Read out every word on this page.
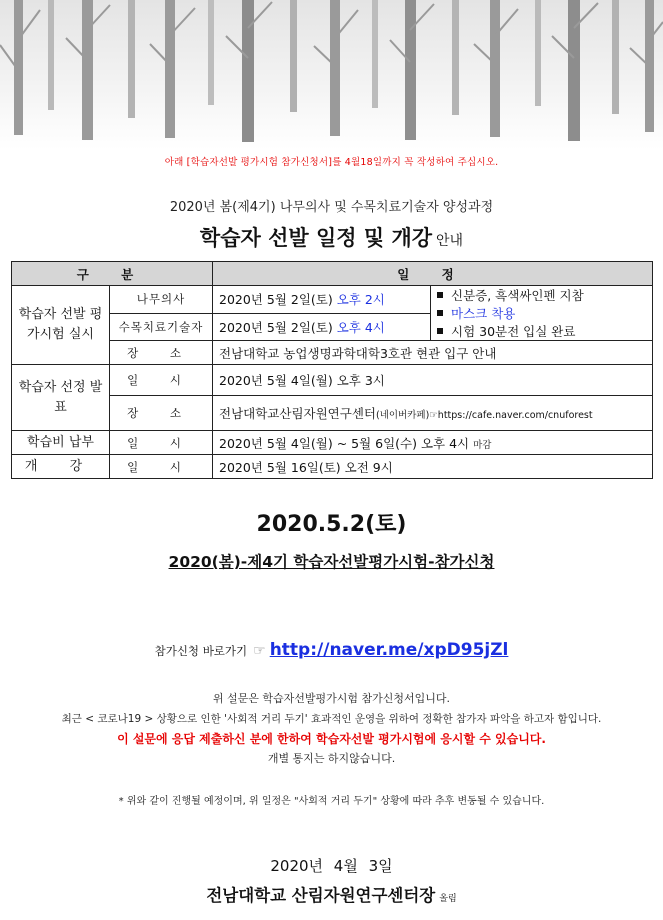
아래 [학습자선발 평가시험 참가신청서]를 4월18일까지 꼭 작성하여 주십시오.
2020년 봄(제4기) 나무의사 및 수목치료기술자 양성과정
학습자 선발 일정 및 개강 안내
구 분		일 정	
학습자 선발 평가시험 실시	나무의사	2020년 5월 2일(토) 오후 2시	신분증, 흑색싸인펜 지참
마스크 착용
시험 30분전 입실 완료

	수목치료기술자	2020년 5월 2일(토) 오후 4시	
	장 소	전남대학교 농업생명과학대학3호관 현관 입구 안내	
학습자 선정 발 표	일 시	2020년 5월 4일(월) 오후 3시	
	장 소	전남대학교산림자원연구센터(네이버카페)☞https://cafe.naver.com/cnuforest	
학습비 납부	일 시	2020년 5월 4일(월) ~ 5월 6일(수) 오후 4시 마감	
개 강	일 시	2020년 5월 16일(토) 오전 9시	
2020.5.2(토)
2020(봄)-제4기 학습자선발평가시험-참가신청
참가신청 바로가기 ☞ http://naver.me/xpD95jZl
위 설문은 학습자선발평가시험 참가신청서입니다.
최근 < 코로나19 > 상황으로 인한 '사회적 거리 두기' 효과적인 운영을 위하여 정확한 참가자 파악을 하고자 함입니다.
이 설문에 응답 제출하신 분에 한하여 학습자선발 평가시험에 응시할 수 있습니다.
개별 통지는 하지않습니다.
* 위와 같이 진행될 예정이며, 위 일정은 "사회적 거리 두기" 상황에 따라 추후 변동될 수 있습니다.
2020년 4월 3일
전남대학교 산림자원연구센터장 올림
